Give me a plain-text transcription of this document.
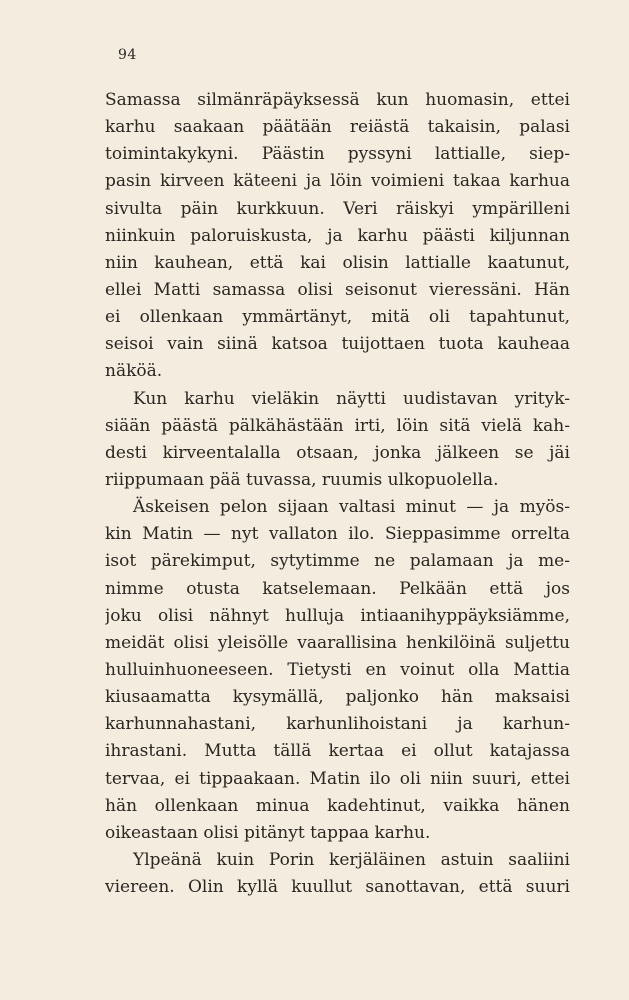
94
Samassa silmänräpäyksessä kun huomasin, ettei
karhu saakaan päätään reiästä takaisin, palasi
toimintakykyni. Päästin pyssyni lattialle, siep-
pasin kirveen käteeni ja löin voimieni takaa karhua
sivulta päin kurkkuun. Veri räiskyi ympärilleni
niinkuin paloruiskusta, ja karhu päästi kiljunnan
niin kauhean, että kai olisin lattialle kaatunut,
ellei Matti samassa olisi seisonut vieressäni. Hän
ei ollenkaan ymmärtänyt, mitä oli tapahtunut,
seisoi vain siinä katsoa tuijottaen tuota kauheaa
näköä.
Kun karhu vieläkin näytti uudistavan yrityk-
siään päästä pälkähästään irti, löin sitä vielä kah-
desti kirveentalalla otsaan, jonka jälkeen se jäi
riippumaan pää tuvassa, ruumis ulkopuolella.
Äskeisen pelon sijaan valtasi minut — ja myös-
kin Matin — nyt vallaton ilo. Sieppasimme orrelta
isot pärekimput, sytytimme ne palamaan ja me-
nimme otusta katselemaan. Pelkään että jos
joku olisi nähnyt hulluja intiaanihyppäyksiämme,
meidät olisi yleisölle vaarallisina henkilöinä suljettu
hulluinhuoneeseen. Tietysti en voinut olla Mattia
kiusaamatta kysymällä, paljonko hän maksaisi
karhunnahastani, karhunlihoistani ja karhun-
ihrastani. Mutta tällä kertaa ei ollut katajassa
tervaa, ei tippaakaan. Matin ilo oli niin suuri, ettei
hän ollenkaan minua kadehtinut, vaikka hänen
oikeastaan olisi pitänyt tappaa karhu.
Ylpeänä kuin Porin kerjäläinen astuin saaliini
viereen. Olin kyllä kuullut sanottavan, että suuri
